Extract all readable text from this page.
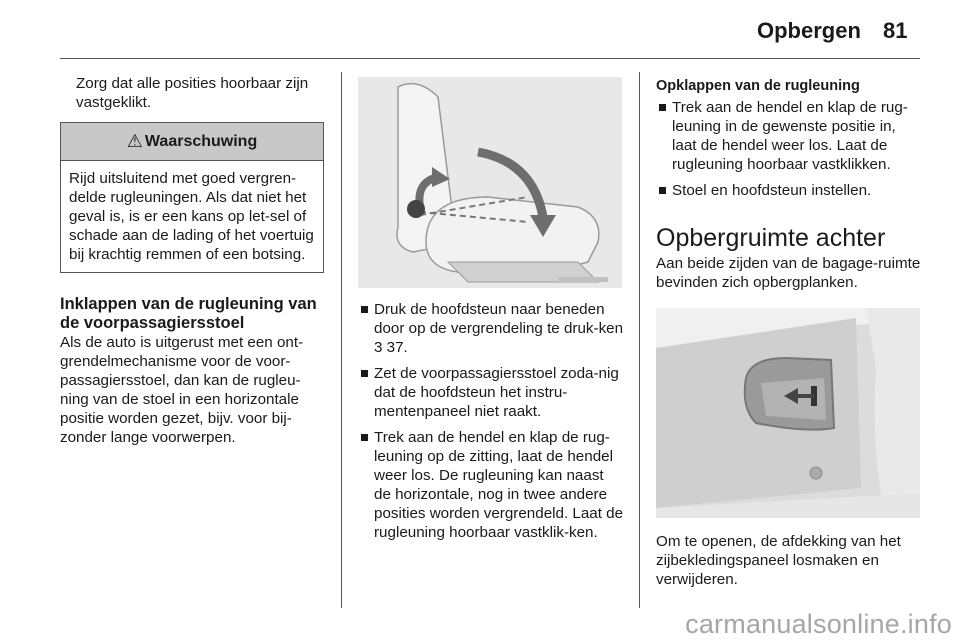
Opbergen 81

Zorg dat alle posities hoorbaar zijn vastgeklikt.

⚠ Waarschuwing
Rijd uitsluitend met goed vergren-delde rugleuningen. Als dat niet het geval is, is er een kans op let-sel of schade aan de lading of het voertuig bij krachtig remmen of een botsing.
Inklappen van de rugleuning van de voorpassagiersstoel

Als de auto is uitgerust met een ont-grendelmechanisme voor de voor-passagiersstoel, dan kan de rugleu-ning van de stoel in een horizontale positie worden gezet, bijv. voor bij-zonder lange voorwerpen.

Druk de hoofdsteun naar beneden door op de vergrendeling te druk-ken 3 37.
Zet de voorpassagiersstoel zoda-nig dat de hoofdsteun het instru-mentenpaneel niet raakt.
Trek aan de hendel en klap de rug-leuning op de zitting, laat de hendel weer los. De rugleuning kan naast de horizontale, nog in twee andere posities worden vergrendeld. Laat de rugleuning hoorbaar vastklik-ken.
Opklappen van de rugleuning
Trek aan de hendel en klap de rug-leuning in de gewenste positie in, laat de hendel weer los. Laat de rugleuning hoorbaar vastklikken.
Stoel en hoofdsteun instellen.
Opbergruimte achter

Aan beide zijden van de bagage-ruimte bevinden zich opbergplanken.

Om te openen, de afdekking van het zijbekledingspaneel losmaken en verwijderen.

carmanualsonline.info
